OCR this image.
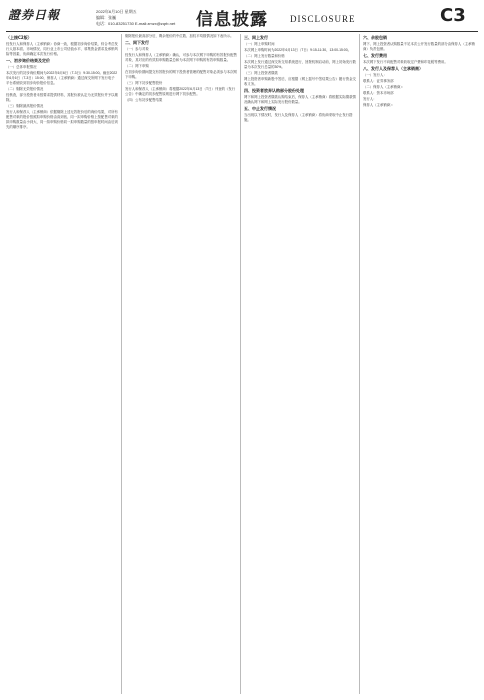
證券日報	2022年6月10日 星期五
编辑：张巍
电话：010-83251730 E-mail:zmzx@zqrb.net 信息披露 DISCLOSURE	C3
（上接C2版）

经发行人和保荐人（主承销商）协商一致，根据初步询价结果，综合考虑发行人基本面、市场情况、同行业上市公司估值水平、募集资金需求及承销风险等因素，协商确定本次发行价格。

一、初步询价结果及定价

（一）总体申报情况

本次发行的初步询价期间为2022年6月6日（T-3日）9:30-15:00。截至2022年6月6日（T-3日）15:00，保荐人（主承销商）通过深交所网下发行电子平台系统收到初步询价报价信息。

（二）剔除无效报价情况

经核查，部分投资者未按要求提供材料，其报价被认定为无效报价并予以剔除。

（三）剔除最高报价情况

发行人和保荐人（主承销商）依据剔除上述无效报价后的询价结果，对所有配售对象的报价按照拟申购价格由高到低、同一拟申购价格上按配售对象的拟申购数量由小到大、同一拟申购价格同一拟申购数量的按申报时间由后到先的顺序排序。

剔除报价最高部分后，剩余报价的中位数、加权平均数情况如下表所示。

二、网下发行

（一）参与对象

经发行人和保荐人（主承销商）确认，可参与本次网下申购的有效报价配售对象，其对应的有效拟申购数量总和为本次网下申购的有效申购数量。

（二）网下申购

在初步询价期间提交有效报价的网下投资者管理的配售对象必须参与本次网下申购。

（三）网下初步配售股份

发行人和保荐人（主承销商）将根据2022年6月13日（T日）刊登的《发行公告》中确定的初步配售原则进行网下初步配售。

（四）公布初步配售结果

三、网上发行

（一）网上申购时间

本次网上申购时间为2022年6月13日（T日）9:15-11:30、13:00-15:00。

（二）网上发行数量和价格

本次网上发行通过深交所交易系统进行，回拨机制启动前，网上初始发行数量为本次发行总量的30%。

（三）网上投资者缴款

网上投资者申购新股中签后，应根据《网上摇号中签结果公告》履行资金交收义务。

四、投资者放弃认购部分股份处理

网下和网上投资者缴款认购结束后，保荐人（主承销商）将根据实际缴款情况确认网下和网上实际发行股份数量。

五、中止发行情况

当出现以下情况时，发行人及保荐人（主承销商）将协商采取中止发行措施。

六、余股包销

网下、网上投资者认购数量不足本次公开发行数量的部分由保荐人（主承销商）负责包销。

七、发行费用

本次网下发行不向配售对象收取过户费和印花税等费用。

八、发行人及保荐人（主承销商）

（一）发行人：

联系人：证券事务部

（二）保荐人（主承销商）：

联系人：资本市场部

发行人：

保荐人（主承销商）：
